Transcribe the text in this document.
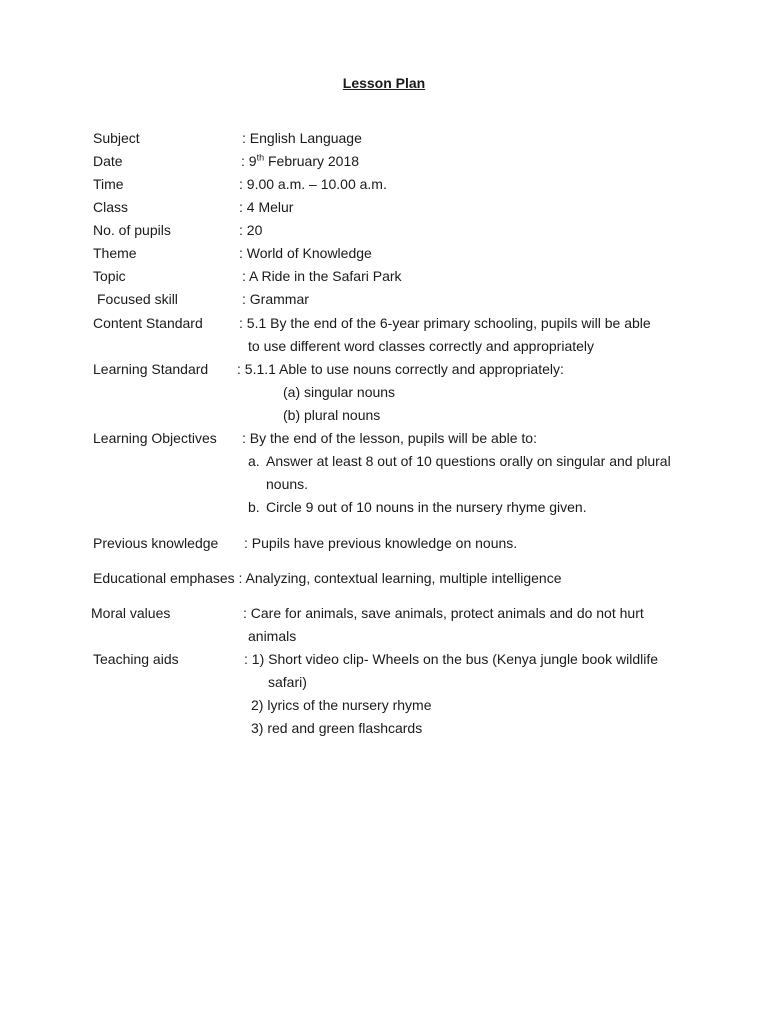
Lesson Plan
Subject	: English Language
Date	: 9th February 2018
Time	: 9.00 a.m. – 10.00 a.m.
Class	: 4 Melur
No. of pupils	: 20
Theme	: World of Knowledge
Topic	: A Ride in the Safari Park
Focused skill	: Grammar
Content Standard	: 5.1 By the end of the 6-year primary schooling, pupils will be able
to use different word classes correctly and appropriately
Learning Standard : 5.1.1 Able to use nouns correctly and appropriately:
(a) singular nouns
(b) plural nouns
Learning Objectives : By the end of the lesson, pupils will be able to:
a. Answer at least 8 out of 10 questions orally on singular and plural
nouns.
b. Circle 9 out of 10 nouns in the nursery rhyme given.
Previous knowledge : Pupils have previous knowledge on nouns.
Educational emphases : Analyzing, contextual learning, multiple intelligence
Moral values	: Care for animals, save animals, protect animals and do not hurt
animals
Teaching aids	: 1) Short video clip- Wheels on the bus (Kenya jungle book wildlife
safari)
2) lyrics of the nursery rhyme
3) red and green flashcards
